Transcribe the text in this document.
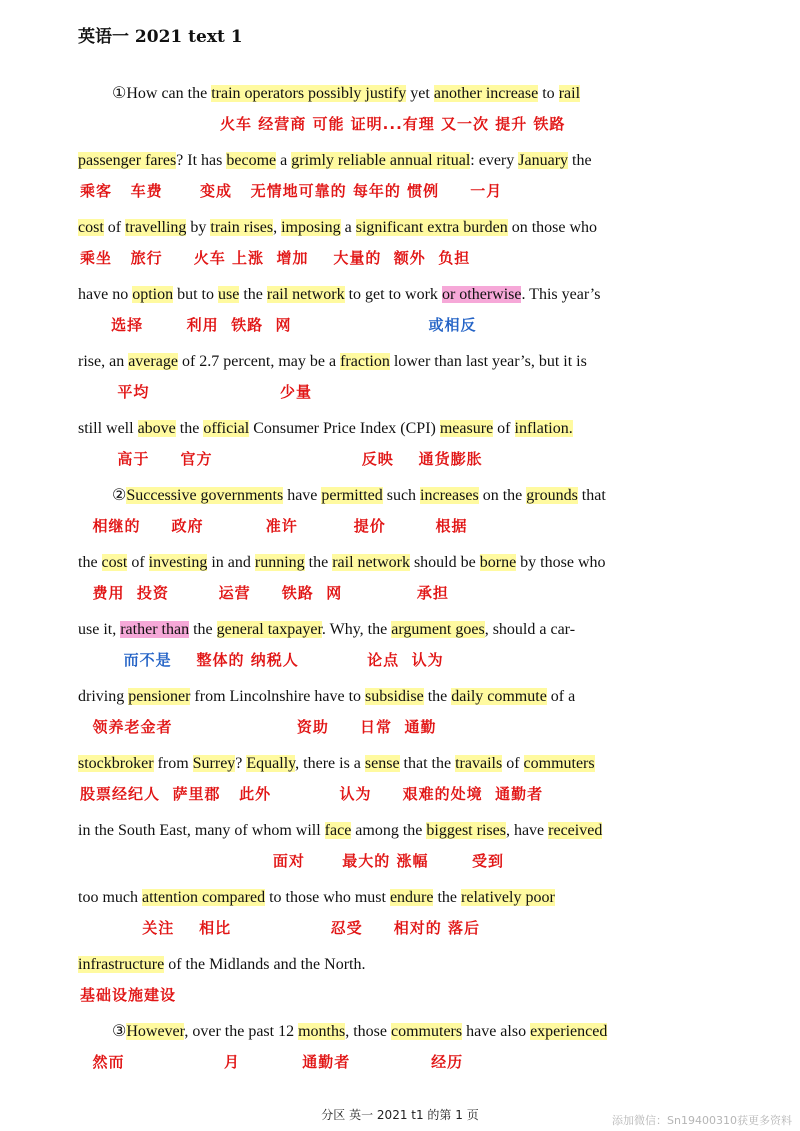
英语一 2021 text 1
①How can the train operators possibly justify yet another increase to rail
火车 经营商 可能 证明...有理 又一次 提升 铁路
passenger fares? It has become a grimly reliable annual ritual: every January the
乘客   车费      变成   无情地可靠的 每年的 惯例     一月
cost of travelling by train rises, imposing a significant extra burden on those who
乘坐   旅行     火车 上涨  增加    大量的  额外  负担
have no option but to use the rail network to get to work or otherwise. This year’s
选择       利用  铁路  网                      或相反
rise, an average of 2.7 percent, may be a fraction lower than last year’s, but it is
平均                     少量
still well above the official Consumer Price Index (CPI) measure of inflation.
高于     官方                        反映    通货膨胀
②Successive governments have permitted such increases on the grounds that
相继的     政府          准许         提价        根据
the cost of investing in and running the rail network should be borne by those who
费用  投资        运营     铁路  网            承担
use it, rather than the general taxpayer. Why, the argument goes, should a car-
而不是    整体的 纳税人           论点  认为
driving pensioner from Lincolnshire have to subsidise the daily commute of a
领养老金者                    资助     日常  通勤
stockbroker from Surrey? Equally, there is a sense that the travails of commuters
股票经纪人  萨里郡   此外           认为     艰难的处境  通勤者
in the South East, many of whom will face among the biggest rises, have received
面对      最大的 涨幅       受到
too much attention compared to those who must endure the relatively poor
关注    相比                忍受     相对的 落后
infrastructure of the Midlands and the North.
基础设施建设
③However, over the past 12 months, those commuters have also experienced
然而                月          通勤者             经历
分区 英一 2021 t1 的第 1 页	添加微信：Sn19400310获更多资料
